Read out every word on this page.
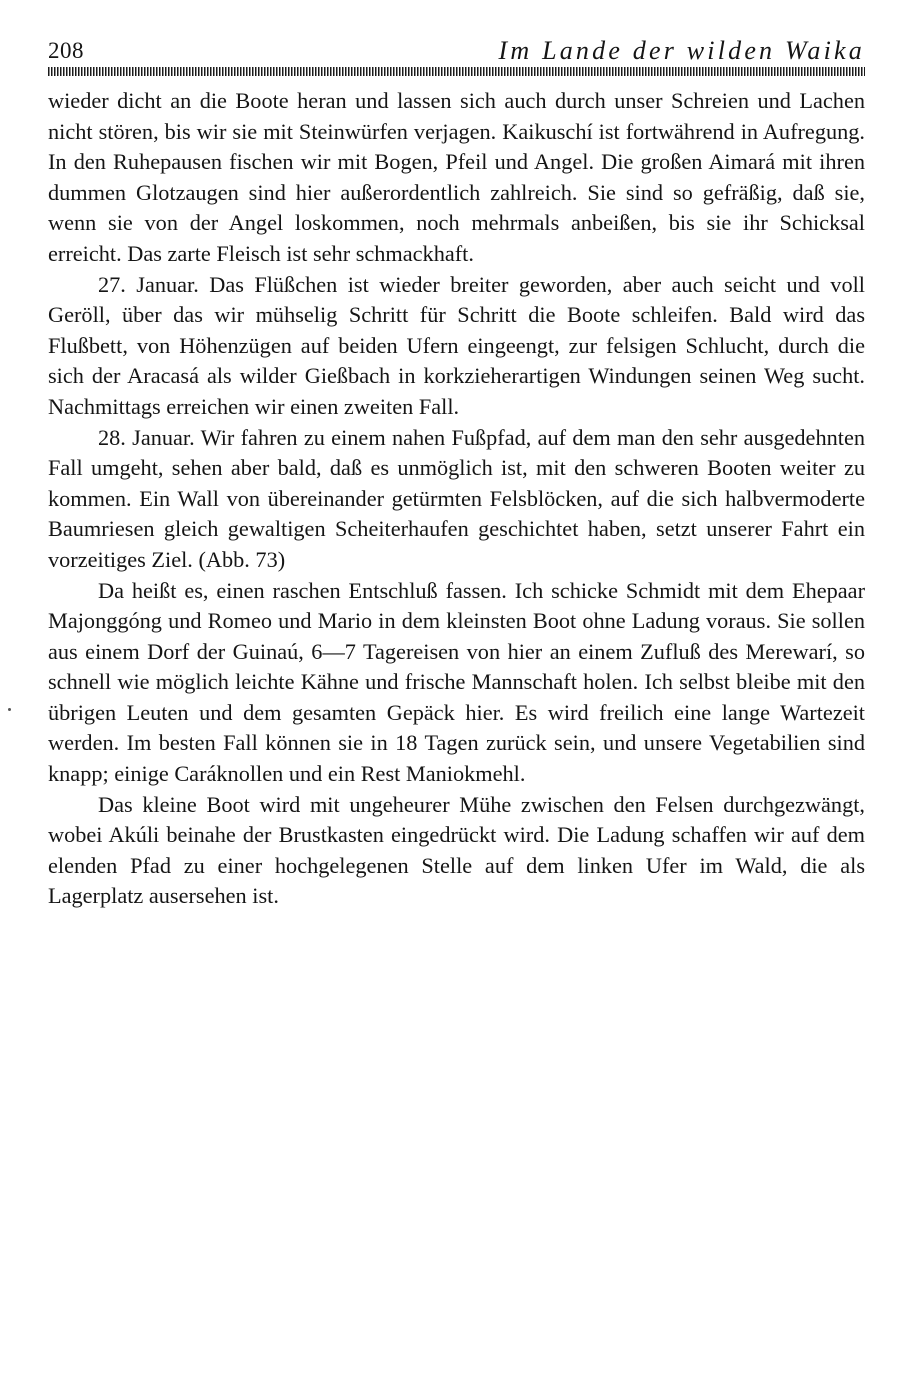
208	Im Lande der wilden Waika

wieder dicht an die Boote heran und lassen sich auch durch unser Schreien und Lachen nicht stören, bis wir sie mit Steinwürfen verjagen. Kaikuschí ist fortwährend in Aufregung. In den Ruhepausen fischen wir mit Bogen, Pfeil und Angel. Die großen Aimará mit ihren dummen Glotzaugen sind hier außerordentlich zahlreich. Sie sind so gefräßig, daß sie, wenn sie von der Angel loskommen, noch mehrmals anbeißen, bis sie ihr Schicksal erreicht. Das zarte Fleisch ist sehr schmackhaft.

27. Januar. Das Flüßchen ist wieder breiter geworden, aber auch seicht und voll Geröll, über das wir mühselig Schritt für Schritt die Boote schleifen. Bald wird das Flußbett, von Höhenzügen auf beiden Ufern eingeengt, zur felsigen Schlucht, durch die sich der Aracasá als wilder Gießbach in korkzieherartigen Windungen seinen Weg sucht. Nachmittags erreichen wir einen zweiten Fall.

28. Januar. Wir fahren zu einem nahen Fußpfad, auf dem man den sehr ausgedehnten Fall umgeht, sehen aber bald, daß es unmöglich ist, mit den schweren Booten weiter zu kommen. Ein Wall von übereinander getürmten Felsblöcken, auf die sich halbvermoderte Baumriesen gleich gewaltigen Scheiterhaufen geschichtet haben, setzt unserer Fahrt ein vorzeitiges Ziel. (Abb. 73)

Da heißt es, einen raschen Entschluß fassen. Ich schicke Schmidt mit dem Ehepaar Majonggóng und Romeo und Mario in dem kleinsten Boot ohne Ladung voraus. Sie sollen aus einem Dorf der Guinaú, 6—7 Tagereisen von hier an einem Zufluß des Merewarí, so schnell wie möglich leichte Kähne und frische Mannschaft holen. Ich selbst bleibe mit den übrigen Leuten und dem gesamten Gepäck hier. Es wird freilich eine lange Wartezeit werden. Im besten Fall können sie in 18 Tagen zurück sein, und unsere Vegetabilien sind knapp; einige Caráknollen und ein Rest Maniokmehl.

Das kleine Boot wird mit ungeheurer Mühe zwischen den Felsen durchgezwängt, wobei Akúli beinahe der Brustkasten eingedrückt wird. Die Ladung schaffen wir auf dem elenden Pfad zu einer hochgelegenen Stelle auf dem linken Ufer im Wald, die als Lagerplatz ausersehen ist.
